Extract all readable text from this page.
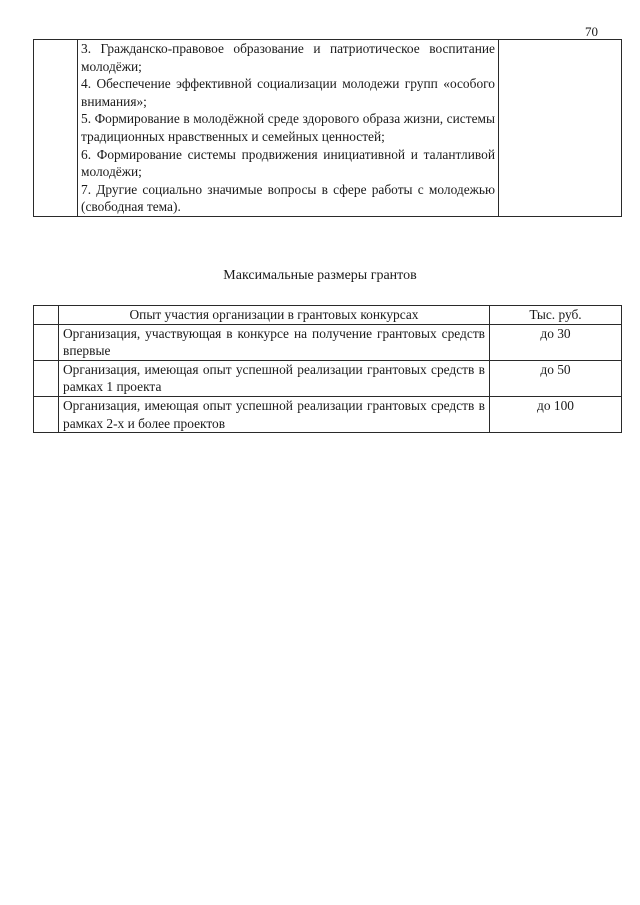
70

3. Гражданско-правовое образование и патриотическое воспитание молодёжи;

4. Обеспечение эффективной социализации молодежи групп «особого внимания»;

5. Формирование в молодёжной среде здорового образа жизни, системы традиционных нравственных и семейных ценностей;

6. Формирование системы продвижения инициативной и талантливой молодёжи;

7. Другие социально значимые вопросы в сфере работы с молодежью (свободная тема).

Максимальные размеры грантов
	Опыт участия организации в грантовых конкурсах	Тыс. руб.
	Организация, участвующая в конкурсе на получение грантовых средств впервые	до 30
	Организация, имеющая опыт успешной реализации грантовых средств в рамках 1 проекта	до 50
	Организация, имеющая опыт успешной реализации грантовых средств в рамках 2-х и более проектов	до 100
